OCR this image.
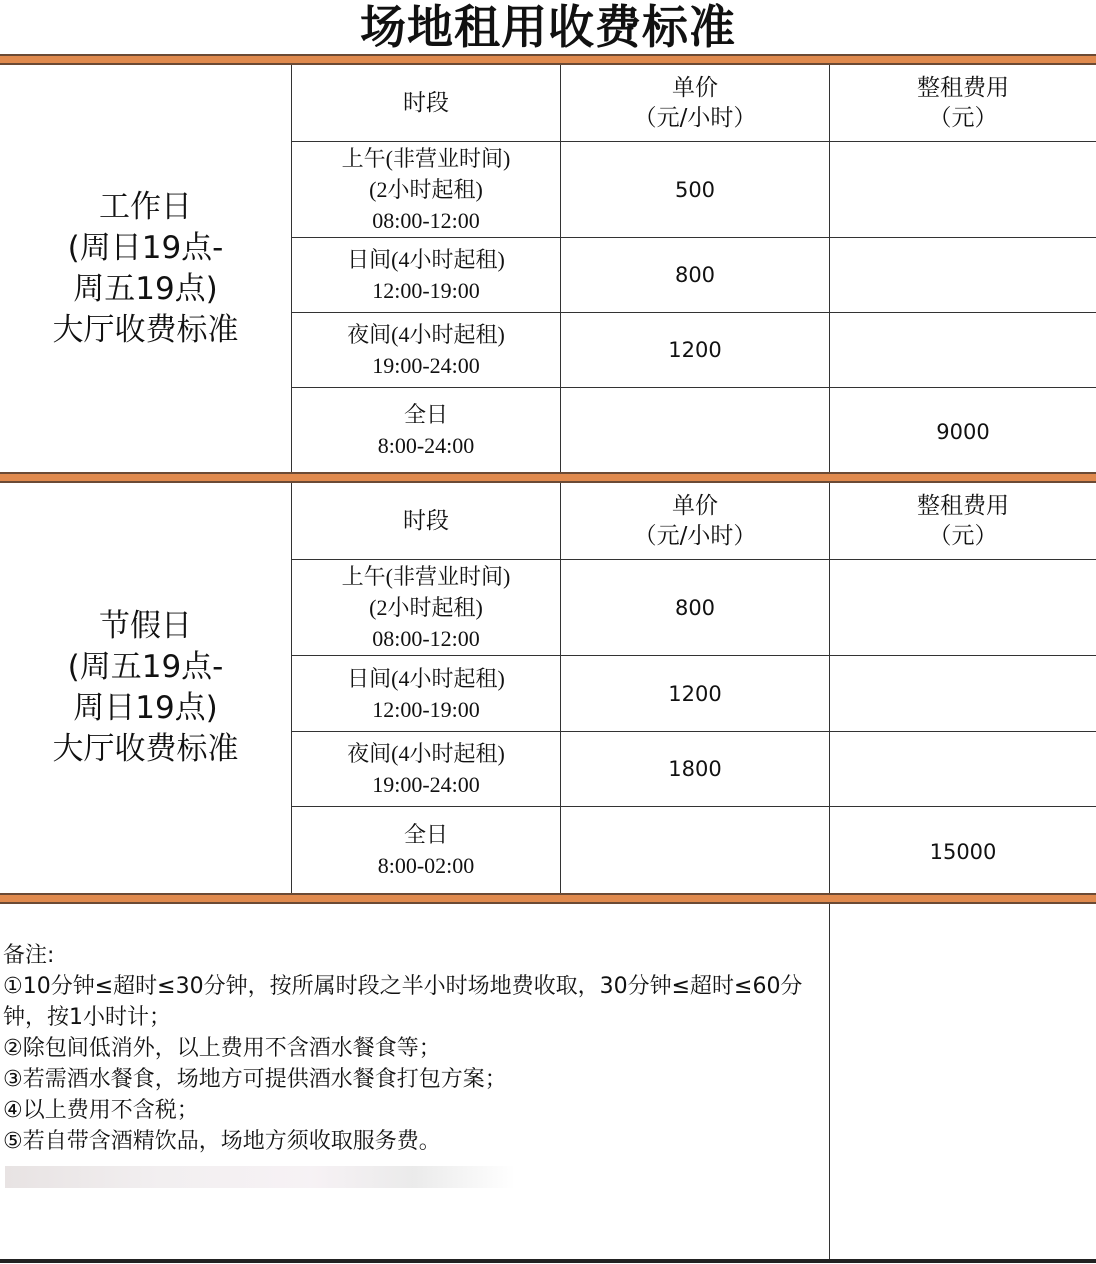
场地租用收费标准
工作日
(周日19点-
周五19点)
大厅收费标准
时段
单价
（元/小时）
整租费用
（元）
上午(非营业时间)
(2小时起租)
08:00-12:00
500
日间(4小时起租)
12:00-19:00
800
夜间(4小时起租)
19:00-24:00
1200
全日
8:00-24:00
9000
节假日
(周五19点-
周日19点)
大厅收费标准
时段
单价
（元/小时）
整租费用
（元）
上午(非营业时间)
(2小时起租)
08:00-12:00
800
日间(4小时起租)
12:00-19:00
1200
夜间(4小时起租)
19:00-24:00
1800
全日
8:00-02:00
15000
备注:
①10分钟≤超时≤30分钟，按所属时段之半小时场地费收取，30分钟≤超时≤60分
钟，按1小时计；
②除包间低消外，以上费用不含酒水餐食等；
③若需酒水餐食，场地方可提供酒水餐食打包方案；
④以上费用不含税；
⑤若自带含酒精饮品，场地方须收取服务费。
